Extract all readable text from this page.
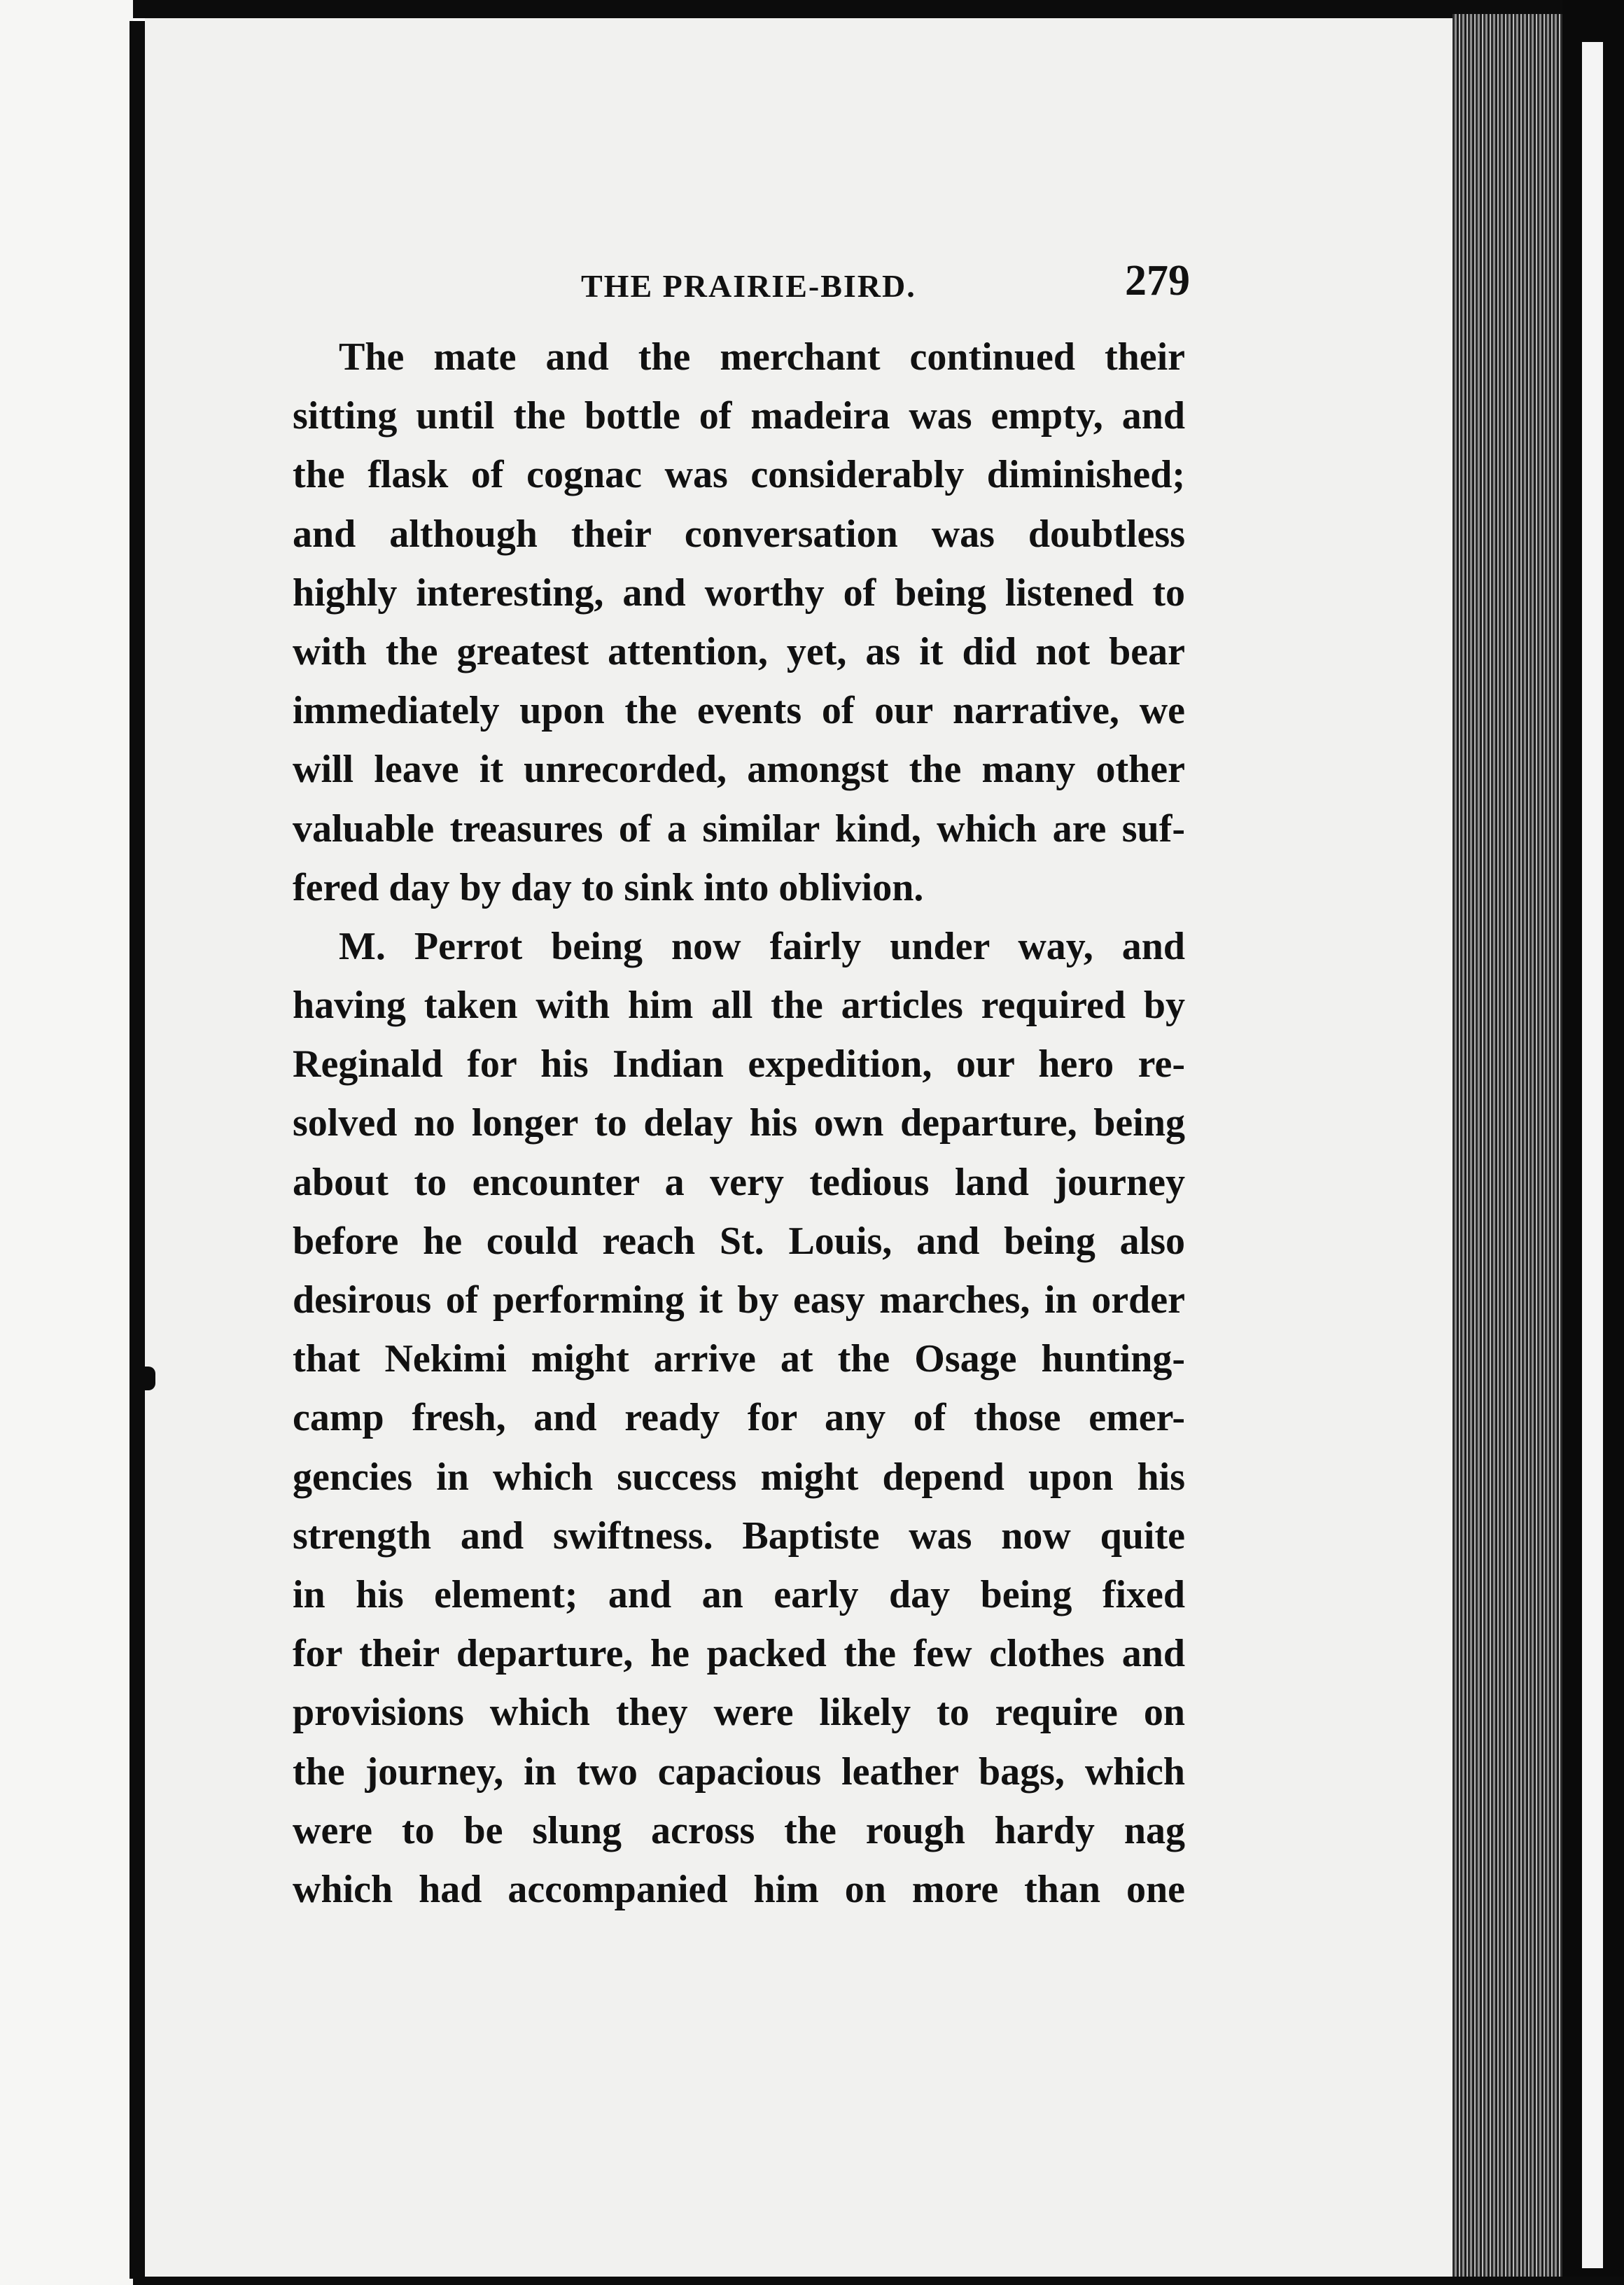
THE PRAIRIE-BIRD.	279
The mate and the merchant continued their
sitting until the bottle of madeira was empty, and
the flask of cognac was considerably diminished;
and although their conversation was doubtless
highly interesting, and worthy of being listened to
with the greatest attention, yet, as it did not bear
immediately upon the events of our narrative, we
will leave it unrecorded, amongst the many other
valuable treasures of a similar kind, which are suf-
fered day by day to sink into oblivion.
M. Perrot being now fairly under way, and
having taken with him all the articles required by
Reginald for his Indian expedition, our hero re-
solved no longer to delay his own departure, being
about to encounter a very tedious land journey
before he could reach St. Louis, and being also
desirous of performing it by easy marches, in order
that Nekimi might arrive at the Osage hunting-
camp fresh, and ready for any of those emer-
gencies in which success might depend upon his
strength and swiftness. Baptiste was now quite
in his element; and an early day being fixed
for their departure, he packed the few clothes and
provisions which they were likely to require on
the journey, in two capacious leather bags, which
were to be slung across the rough hardy nag
which had accompanied him on more than one
